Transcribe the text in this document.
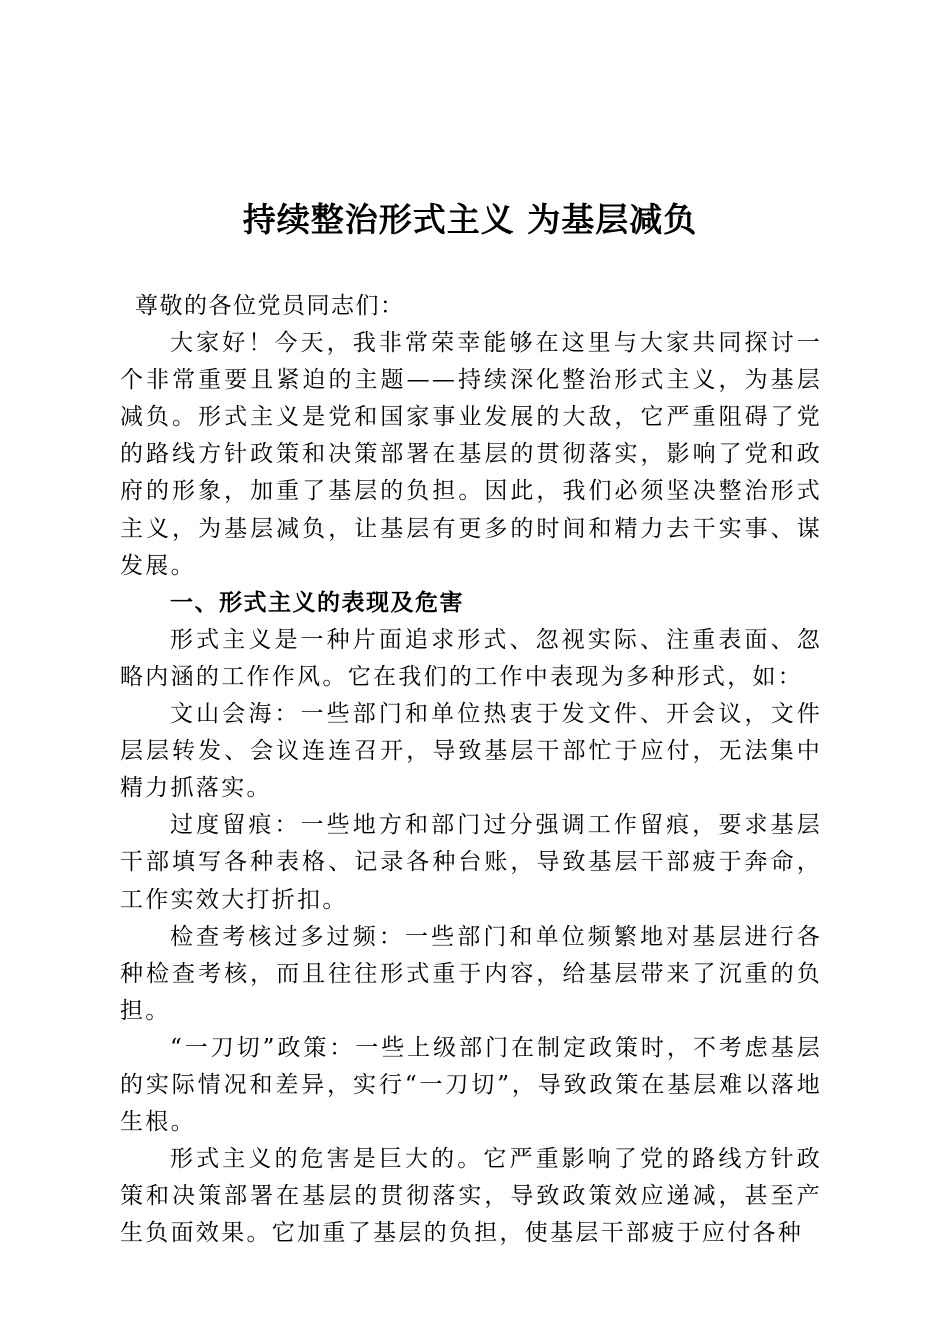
持续整治形式主义 为基层减负

尊敬的各位党员同志们：

大家好！今天，我非常荣幸能够在这里与大家共同探讨一个非常重要且紧迫的主题——持续深化整治形式主义，为基层减负。形式主义是党和国家事业发展的大敌，它严重阻碍了党的路线方针政策和决策部署在基层的贯彻落实，影响了党和政府的形象，加重了基层的负担。因此，我们必须坚决整治形式主义，为基层减负，让基层有更多的时间和精力去干实事、谋发展。

一、形式主义的表现及危害

形式主义是一种片面追求形式、忽视实际、注重表面、忽略内涵的工作作风。它在我们的工作中表现为多种形式，如：

文山会海：一些部门和单位热衷于发文件、开会议，文件层层转发、会议连连召开，导致基层干部忙于应付，无法集中精力抓落实。

过度留痕：一些地方和部门过分强调工作留痕，要求基层干部填写各种表格、记录各种台账，导致基层干部疲于奔命，工作实效大打折扣。

检查考核过多过频：一些部门和单位频繁地对基层进行各种检查考核，而且往往形式重于内容，给基层带来了沉重的负担。

“一刀切”政策：一些上级部门在制定政策时，不考虑基层的实际情况和差异，实行“一刀切”，导致政策在基层难以落地生根。

形式主义的危害是巨大的。它严重影响了党的路线方针政策和决策部署在基层的贯彻落实，导致政策效应递减，甚至产生负面效果。它加重了基层的负担，使基层干部疲于应付各种
